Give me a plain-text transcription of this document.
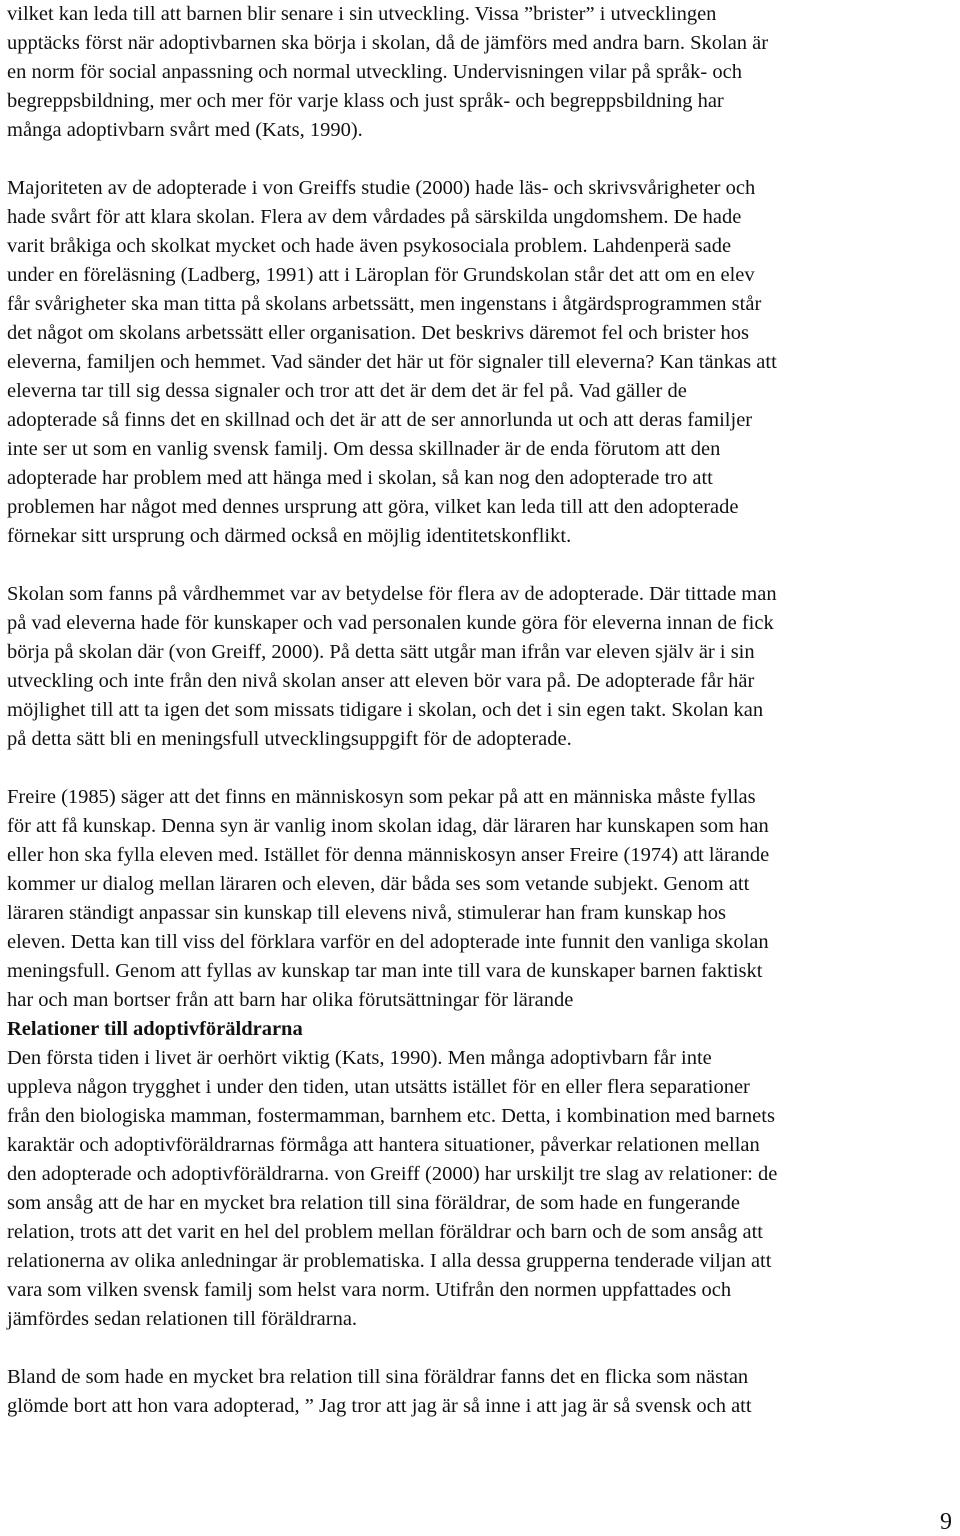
vilket kan leda till att barnen blir senare i sin utveckling. Vissa ”brister” i utvecklingen
upptäcks först när adoptivbarnen ska börja i skolan, då de jämförs med andra barn. Skolan är
en norm för social anpassning och normal utveckling. Undervisningen vilar på språk- och
begreppsbildning, mer och mer för varje klass och just språk- och begreppsbildning har
många adoptivbarn svårt med (Kats, 1990).

Majoriteten av de adopterade i von Greiffs studie (2000) hade läs- och skrivsvårigheter och
hade svårt för att klara skolan. Flera av dem vårdades på särskilda ungdomshem. De hade
varit bråkiga och skolkat mycket och hade även psykosociala problem. Lahdenperä sade
under en föreläsning (Ladberg, 1991) att i Läroplan för Grundskolan står det att om en elev
får svårigheter ska man titta på skolans arbetssätt, men ingenstans i åtgärdsprogrammen står
det något om skolans arbetssätt eller organisation. Det beskrivs däremot fel och brister hos
eleverna, familjen och hemmet. Vad sänder det här ut för signaler till eleverna? Kan tänkas att
eleverna tar till sig dessa signaler och tror att det är dem det är fel på. Vad gäller de
adopterade så finns det en skillnad och det är att de ser annorlunda ut och att deras familjer
inte ser ut som en vanlig svensk familj. Om dessa skillnader är de enda förutom att den
adopterade har problem med att hänga med i skolan, så kan nog den adopterade tro att
problemen har något med dennes ursprung att göra, vilket kan leda till att den adopterade
förnekar sitt ursprung och därmed också en möjlig identitetskonflikt.

Skolan som fanns på vårdhemmet var av betydelse för flera av de adopterade. Där tittade man
på vad eleverna hade för kunskaper och vad personalen kunde göra för eleverna innan de fick
börja på skolan där (von Greiff, 2000). På detta sätt utgår man ifrån var eleven själv är i sin
utveckling och inte från den nivå skolan anser att eleven bör vara på. De adopterade får här
möjlighet till att ta igen det som missats tidigare i skolan, och det i sin egen takt. Skolan kan
på detta sätt bli en meningsfull utvecklingsuppgift för de adopterade.

Freire (1985) säger att det finns en människosyn som pekar på att en människa måste fyllas
för att få kunskap. Denna syn är vanlig inom skolan idag, där läraren har kunskapen som han
eller hon ska fylla eleven med. Istället för denna människosyn anser Freire (1974) att lärande
kommer ur dialog mellan läraren och eleven, där båda ses som vetande subjekt. Genom att
läraren ständigt anpassar sin kunskap till elevens nivå, stimulerar han fram kunskap hos
eleven. Detta kan till viss del förklara varför en del adopterade inte funnit den vanliga skolan
meningsfull. Genom att fyllas av kunskap tar man inte till vara de kunskaper barnen faktiskt
har och man bortser från att barn har olika förutsättningar för lärande

Relationer till adoptivföräldrarna

Den första tiden i livet är oerhört viktig (Kats, 1990). Men många adoptivbarn får inte
uppleva någon trygghet i under den tiden, utan utsätts istället för en eller flera separationer
från den biologiska mamman, fostermamman, barnhem etc. Detta, i kombination med barnets
karaktär och adoptivföräldrarnas förmåga att hantera situationer, påverkar relationen mellan
den adopterade och adoptivföräldrarna. von Greiff (2000) har urskiljt tre slag av relationer: de
som ansåg att de har en mycket bra relation till sina föräldrar, de som hade en fungerande
relation, trots att det varit en hel del problem mellan föräldrar och barn och de som ansåg att
relationerna av olika anledningar är problematiska. I alla dessa grupperna tenderade viljan att
vara som vilken svensk familj som helst vara norm. Utifrån den normen uppfattades och
jämfördes sedan relationen till föräldrarna.

Bland de som hade en mycket bra relation till sina föräldrar fanns det en flicka som nästan
glömde bort att hon vara adopterad, ” Jag tror att jag är så inne i att jag är så svensk och att

9
